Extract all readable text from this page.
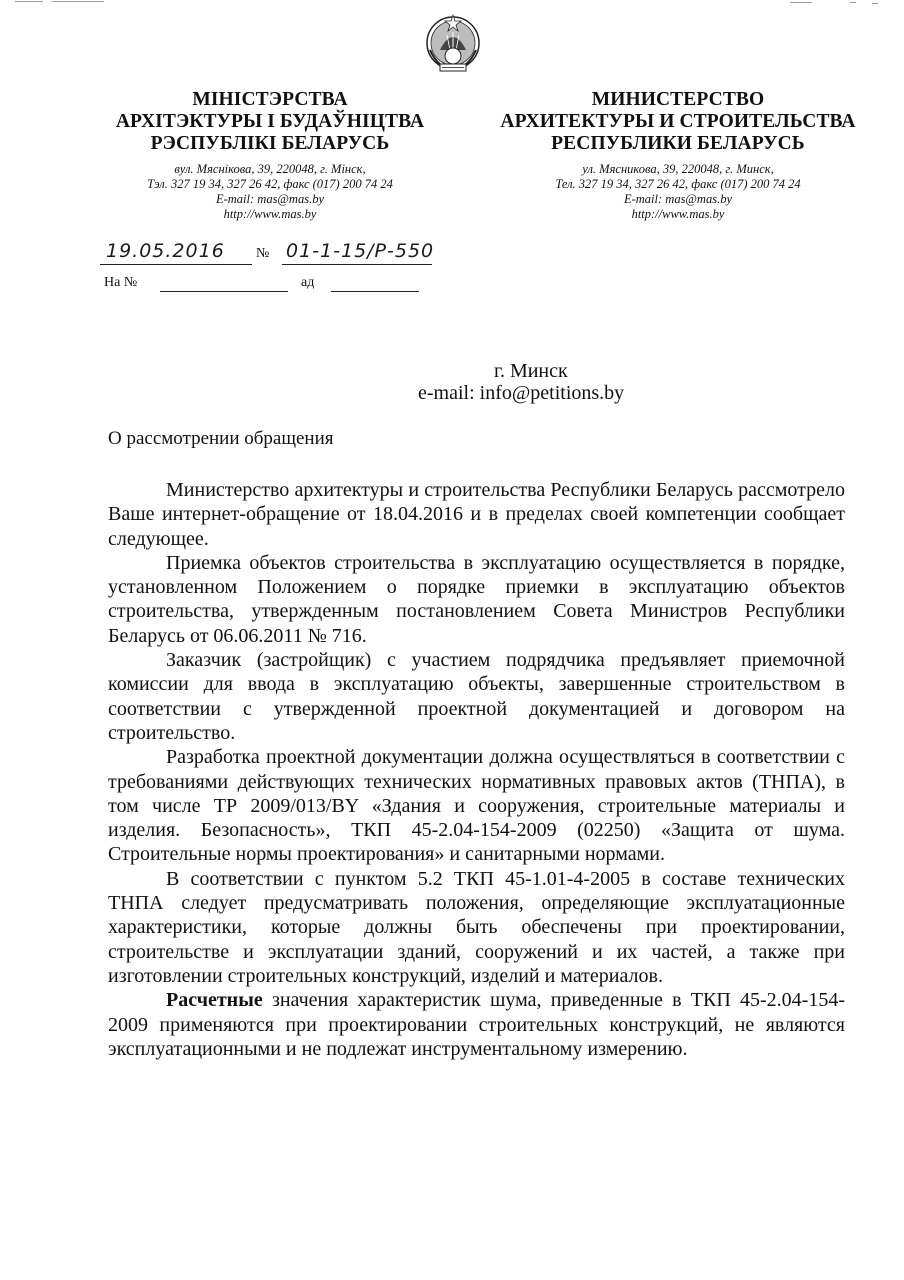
МІНІСТЭРСТВА
АРХІТЭКТУРЫ І БУДАЎНІЦТВА
РЭСПУБЛІКІ БЕЛАРУСЬ
вул. Мяснікова, 39, 220048, г. Мінск,
Тэл. 327 19 34, 327 26 42, факс (017) 200 74 24
E-mail: mas@mas.by
http://www.mas.by
МИНИСТЕРСТВО
АРХИТЕКТУРЫ И СТРОИТЕЛЬСТВА
РЕСПУБЛИКИ БЕЛАРУСЬ
ул. Мясникова, 39, 220048, г. Минск,
Тел. 327 19 34, 327 26 42, факс (017) 200 74 24
E-mail: mas@mas.by
http://www.mas.by
19.05.2016 № 01-1-15/Р-550
На №	ад
г. Минск
e-mail: info@petitions.by
О рассмотрении обращения

Министерство архитектуры и строительства Республики Беларусь рассмотрело Ваше интернет-обращение от 18.04.2016 и в пределах своей компетенции сообщает следующее.

Приемка объектов строительства в эксплуатацию осуществляется в порядке, установленном Положением о порядке приемки в эксплуатацию объектов строительства, утвержденным постановлением Совета Министров Республики Беларусь от 06.06.2011 № 716.

Заказчик (застройщик) с участием подрядчика предъявляет приемочной комиссии для ввода в эксплуатацию объекты, завершенные строительством в соответствии с утвержденной проектной документацией и договором на строительство.

Разработка проектной документации должна осуществляться в соответствии с требованиями действующих технических нормативных правовых актов (ТНПА), в том числе ТР 2009/013/BY «Здания и сооружения, строительные материалы и изделия. Безопасность», ТКП 45-2.04-154-2009 (02250) «Защита от шума. Строительные нормы проектирования» и санитарными нормами.

В соответствии с пунктом 5.2 ТКП 45-1.01-4-2005 в составе технических ТНПА следует предусматривать положения, определяющие эксплуатационные характеристики, которые должны быть обеспечены при проектировании, строительстве и эксплуатации зданий, сооружений и их частей, а также при изготовлении строительных конструкций, изделий и материалов.

Расчетные значения характеристик шума, приведенные в ТКП 45-2.04-154-2009 применяются при проектировании строительных конструкций, не являются эксплуатационными и не подлежат инструментальному измерению.
